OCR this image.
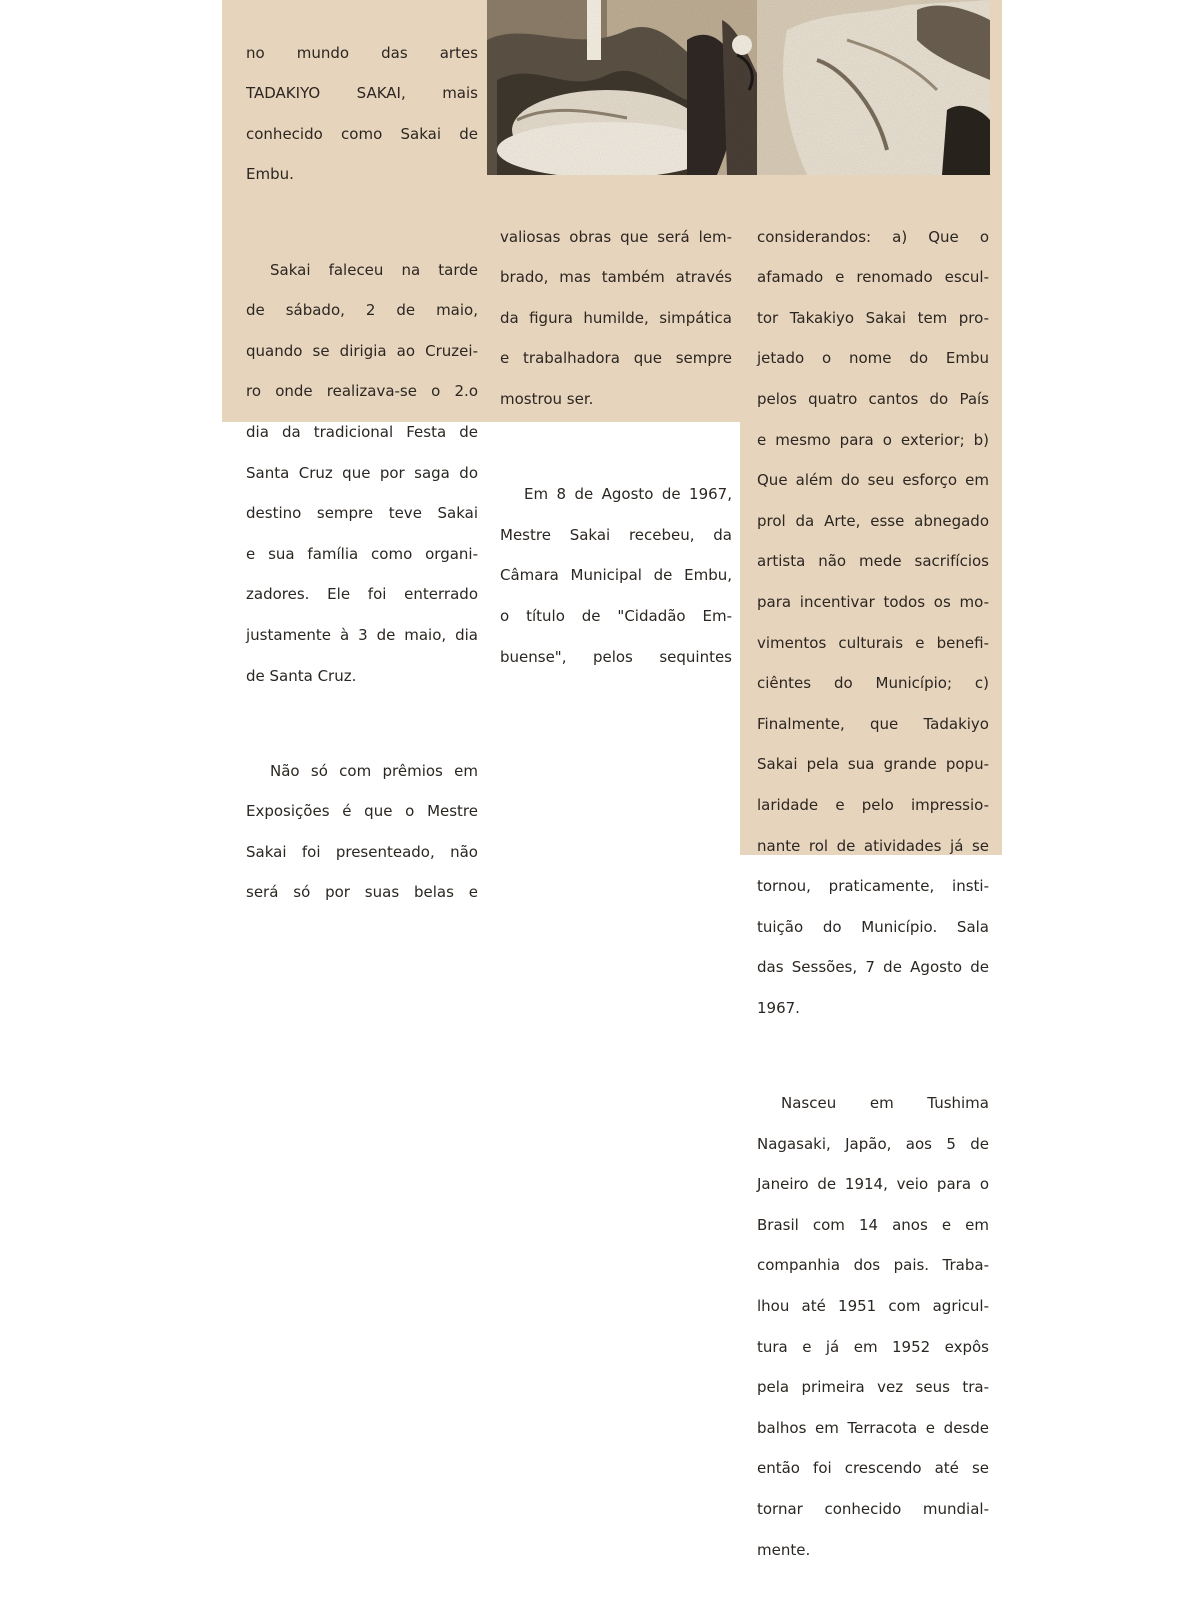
no mundo das artes

TADAKIYO SAKAI, mais

conhecido como Sakai de

Embu.

Sakai faleceu na tarde

de sábado, 2 de maio,

quando se dirigia ao Cruzei-

ro onde realizava-se o 2.o

dia da tradicional Festa de

Santa Cruz que por saga do

destino sempre teve Sakai

e sua família como organi-

zadores. Ele foi enterrado

justamente à 3 de maio, dia

de Santa Cruz.

Não só com prêmios em

Exposições é que o Mestre

Sakai foi presenteado, não

será só por suas belas e

valiosas obras que será lem-

brado, mas também através

da figura humilde, simpática

e trabalhadora que sempre

mostrou ser.

Em 8 de Agosto de 1967,

Mestre Sakai recebeu, da

Câmara Municipal de Embu,

o título de "Cidadão Em-

buense", pelos sequintes

considerandos: a) Que o

afamado e renomado escul-

tor Takakiyo Sakai tem pro-

jetado o nome do Embu

pelos quatro cantos do País

e mesmo para o exterior; b)

Que além do seu esforço em

prol da Arte, esse abnegado

artista não mede sacrifícios

para incentivar todos os mo-

vimentos culturais e benefi-

ciêntes do Município; c)

Finalmente, que Tadakiyo

Sakai pela sua grande popu-

laridade e pelo impressio-

nante rol de atividades já se

tornou, praticamente, insti-

tuição do Município. Sala

das Sessões, 7 de Agosto de

1967.

Nasceu em Tushima

Nagasaki, Japão, aos 5 de

Janeiro de 1914, veio para o

Brasil com 14 anos e em

companhia dos pais. Traba-

lhou até 1951 com agricul-

tura e já em 1952 expôs

pela primeira vez seus tra-

balhos em Terracota e desde

então foi crescendo até se

tornar conhecido mundial-

mente.
